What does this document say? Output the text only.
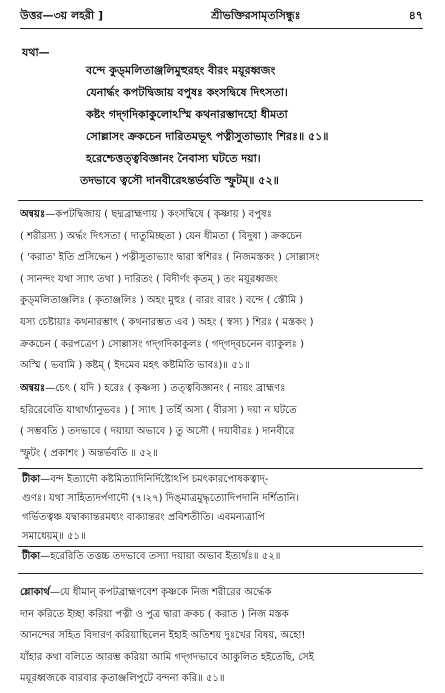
উত্তর—৩য় লহরী ]	শ্রীভক্তিরসামৃতসিন্ধুঃ	৪৭
যথা—
বন্দে কুড্‌মলিতাঞ্জলিমুহুরহং বীরং ময়ূরধ্বজং
যেনার্দ্ধং কপটদ্বিজায় বপুষঃ কংসদ্বিষে দিৎসতা।
কষ্টং গদ্‌গদিকাকুলোঽস্মি কথনারম্ভাদহো ধীমতা
সোল্লাসং ক্রকচেন দারিতমভূৎ পত্নীসুতাভ্যাং শিরঃ॥ ৫১॥
হরেশ্চেত্তত্ত্ববিজ্ঞানং নৈবাস্য ঘটতে দয়া।
তদভাবে ত্বসৌ দানবীরেঽন্তর্ভবতি স্ফুটম্॥ ৫২॥

অন্বয়ঃ—কপটদ্বিজায় ( ছদ্মব্রাহ্মণায় ) কংসদ্বিষে ( কৃষ্ণায় ) বপুষঃ

( শরীরস্য ) অর্দ্ধং দিৎসতা ( দাতুমিচ্ছতা ) যেন ধীমতা ( বিদুষা ) ক্রকচেন

( 'করাত' ইতি প্রসিদ্ধেন ) পত্নীসুতাভ্যাং দ্বারা স্বশিরঃ ( নিজমস্তকং ) সোল্লাসং

( সানন্দং যথা স্যাৎ তথা ) দারিতং ( বিদীর্ণং কৃতম্ ) তং ময়ূরধ্বজং

কুড্‌মলিতাঞ্জলিঃ ( কৃতাঞ্জলিঃ ) অহং মুহুঃ ( বারং বারং ) বন্দে ( স্তৌমি )

যস্য চেষ্টায়াঃ কথনারম্ভাৎ ( কথনারম্ভত এব ) অহং ( স্বস্য ) শিরঃ ( মস্তকং )

ক্রকচেন ( করপত্রেণ ) সোল্লাসং গদ্‌গদিকাকুলঃ ( গদ্‌গদ্‌বচনেন ব্যাকুলঃ )

অস্মি ( ভবামি ) কষ্টম্ ( ইদমেব মহৎ কষ্টমিতি ভাবঃ)॥ ৫১॥

অন্বয়ঃ—চেৎ ( যদি ) হরেঃ ( কৃষ্ণস্য ) তত্ত্ববিজ্ঞানং ( নায়ং ব্রাহ্মণঃ

হরিরেবেতি যাথার্থ্যানুভবঃ ) [ স্যাৎ ] তর্হি অস্য ( বীরস্য ) দয়া ন ঘটতে

( সম্ভবতি ) তদভাবে ( দয়ায়া অভাবে ) তু অসৌ ( দয়াবীরঃ ) দানবীরে

স্ফুটং ( প্রকাশং ) অন্তর্ভবতি ॥ ৫২॥

টীকা—বন্দ ইত্যাদৌ কষ্টমিত্যাদিনির্দিষ্টোঽপি চমৎকারপোষকত্বাদ্‌-
গুণঃ। যথা সাহিত্যদর্পণাদৌ (৭।২৭) দিঙ্‌মাত্রমুদ্ধৃত্যোদিপদানি দর্শিতানি।
গর্ভিতত্বঞ্চ যদ্বাক্যান্তরমধ্যং বাক্যান্তরং প্রবিশতীতি। এবমন্যত্রাপি
সমাধেয়ম্॥ ৫১॥
টীকা—হরেরিতি তত্তচ্চ তদভাবে তস্যা দয়ায়া অভাব ইত্যর্থঃ॥ ৫২॥

শ্লোকার্থ—যে ধীমান্‌ কপটব্রাহ্মণবেশ কৃষ্ণকে নিজ শরীরের অর্দ্ধেক

দান করিতে ইচ্ছা করিয়া পত্নী ও পুত্র দ্বারা ক্রকচ ( করাত ) নিজ মস্তক

আনন্দের সহিত বিদারণ করিয়াছিলেন ইহাই অতিশয় দুঃখের বিষয়, অহো!

যাঁহার কথা বলিতে আরম্ভ করিয়া আমি গদ্‌গদভাবে আকুলিত হইতেছি, সেই

ময়ূরধ্বজকে বারবার কৃতাঞ্জলিপুটে বন্দনা করি॥ ৫১॥
